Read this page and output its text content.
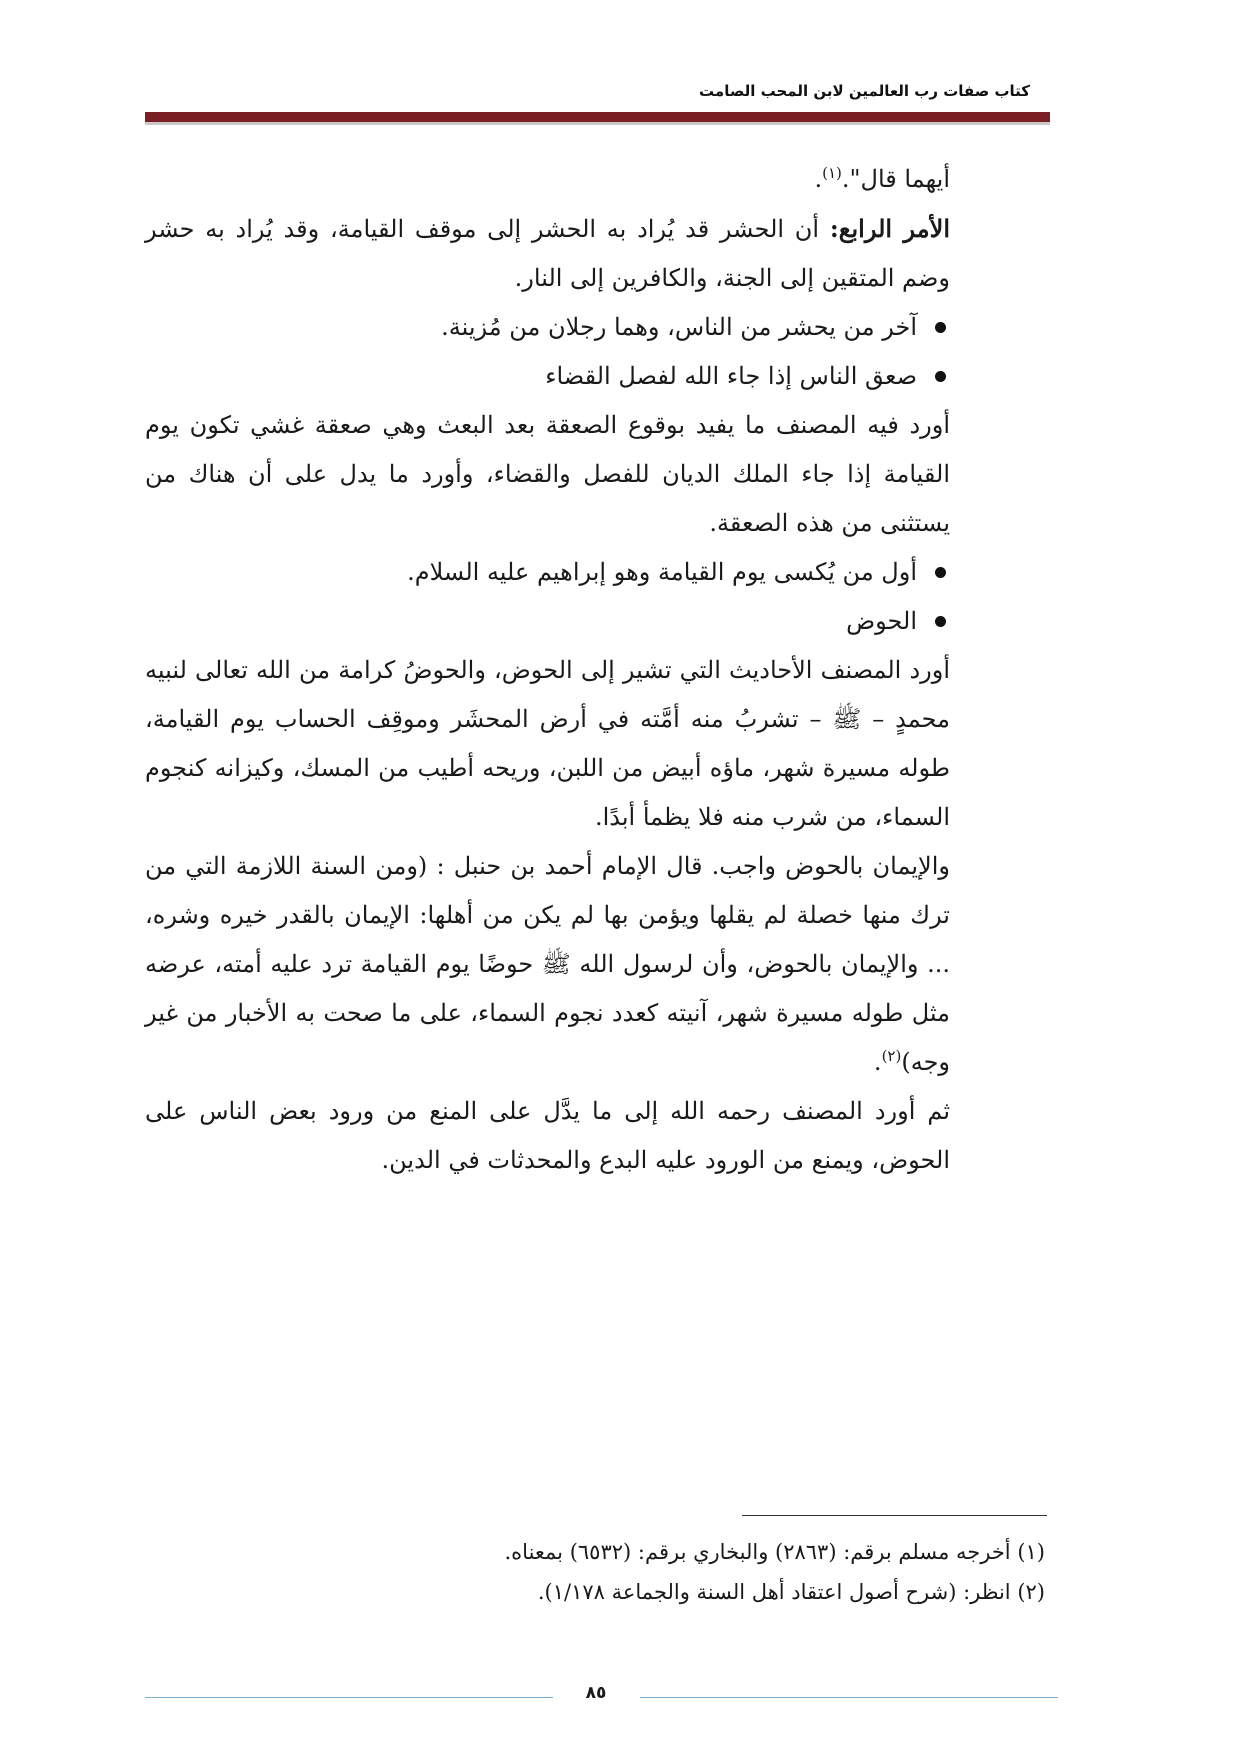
كتاب صفات رب العالمين لابن المحب الصامت

أيهما قال".$^{(١)}$.

الأمر الرابع: أن الحشر قد يُراد به الحشر إلى موقف القيامة، وقد يُراد به حشر وضم المتقين إلى الجنة، والكافرين إلى النار.

آخر من يحشر من الناس، وهما رجلان من مُزينة.

صعق الناس إذا جاء الله لفصل القضاء

أورد فيه المصنف ما يفيد بوقوع الصعقة بعد البعث وهي صعقة غشي تكون يوم القيامة إذا جاء الملك الديان للفصل والقضاء، وأورد ما يدل على أن هناك من يستثنى من هذه الصعقة.

أول من يُكسى يوم القيامة وهو إبراهيم عليه السلام.

الحوض

أورد المصنف الأحاديث التي تشير إلى الحوض، والحوضُ كرامة من الله تعالى لنبيه محمدٍ – ﷺ – تشربُ منه أمَّته في أرض المحشَر وموقِف الحساب يوم القيامة، طوله مسيرة شهر، ماؤه أبيض من اللبن، وريحه أطيب من المسك، وكيزانه كنجوم السماء، من شرب منه فلا يظمأ أبدًا.

والإيمان بالحوض واجب. قال الإمام أحمد بن حنبل : (ومن السنة اللازمة التي من ترك منها خصلة لم يقلها ويؤمن بها لم يكن من أهلها: الإيمان بالقدر خيره وشره، ... والإيمان بالحوض، وأن لرسول الله ﷺ حوضًا يوم القيامة ترد عليه أمته، عرضه مثل طوله مسيرة شهر، آنيته كعدد نجوم السماء، على ما صحت به الأخبار من غير وجه)$^{(٢)}$.

ثم أورد المصنف رحمه الله إلى ما يدَّل على المنع من ورود بعض الناس على الحوض، ويمنع من الورود عليه البدع والمحدثات في الدين.

(١) أخرجه مسلم برقم: (٢٨٦٣) والبخاري برقم: (٦٥٣٢) بمعناه.

(٢) انظر: (شرح أصول اعتقاد أهل السنة والجماعة ١/١٧٨).

٨٥
